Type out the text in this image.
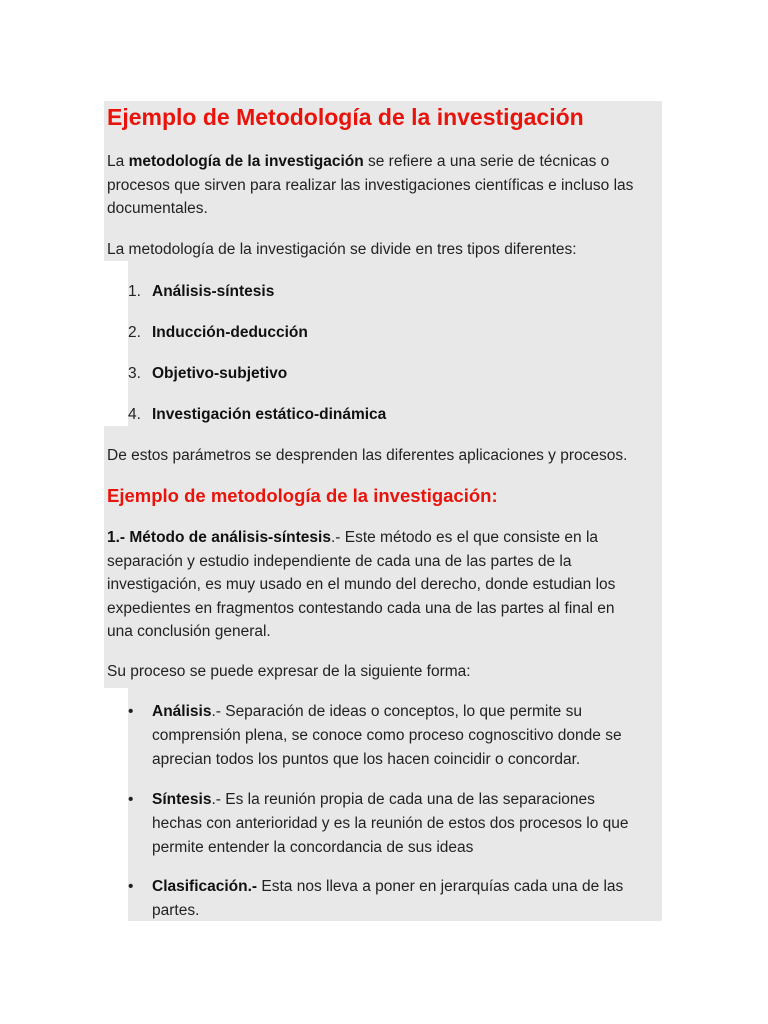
Ejemplo de Metodología de la investigación
La metodología de la investigación se refiere a una serie de técnicas o
procesos que sirven para realizar las investigaciones científicas e incluso las
documentales.
La metodología de la investigación se divide en tres tipos diferentes:
1. Análisis-síntesis
2. Inducción-deducción
3. Objetivo-subjetivo
4. Investigación estático-dinámica
De estos parámetros se desprenden las diferentes aplicaciones y procesos.
Ejemplo de metodología de la investigación:
1.- Método de análisis-síntesis.- Este método es el que consiste en la
separación y estudio independiente de cada una de las partes de la
investigación, es muy usado en el mundo del derecho, donde estudian los
expedientes en fragmentos contestando cada una de las partes al final en
una conclusión general.
Su proceso se puede expresar de la siguiente forma:
•	Análisis.- Separación de ideas o conceptos, lo que permite su
comprensión plena, se conoce como proceso cognoscitivo donde se
aprecian todos los puntos que los hacen coincidir o concordar.
•	Síntesis.- Es la reunión propia de cada una de las separaciones
hechas con anterioridad y es la reunión de estos dos procesos lo que
permite entender la concordancia de sus ideas
•	Clasificación.- Esta nos lleva a poner en jerarquías cada una de las
partes.
